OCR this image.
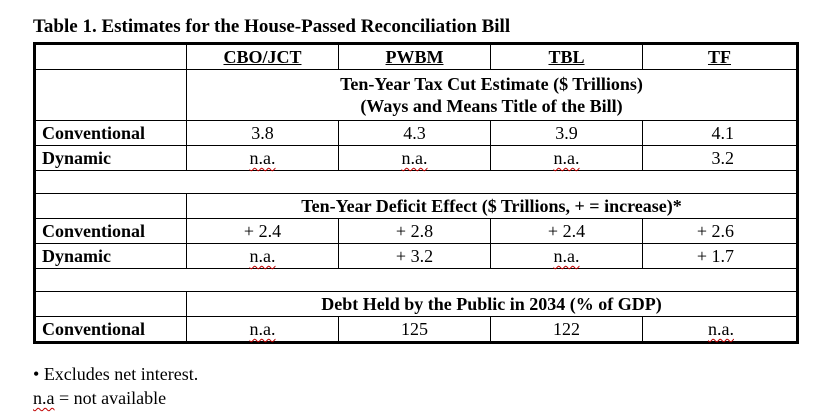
Table 1. Estimates for the House-Passed Reconciliation Bill
	CBO/JCT	PWBM	TBL	TF

	Ten-Year Tax Cut Estimate ($ Trillions)
(Ways and Means Title of the Bill)			

Conventional	3.8	4.3	3.9	4.1
Dynamic	n.a.	n.a.	n.a.	3.2

	Ten-Year Deficit Effect ($ Trillions, + = increase)*			
Conventional	+ 2.4	+ 2.8	+ 2.4	+ 2.6
Dynamic	n.a.	+ 3.2	n.a.	+ 1.7

	Debt Held by the Public in 2034 (% of GDP)			
Conventional	n.a.	125	122	n.a.
• Excludes net interest.
n.a = not available
